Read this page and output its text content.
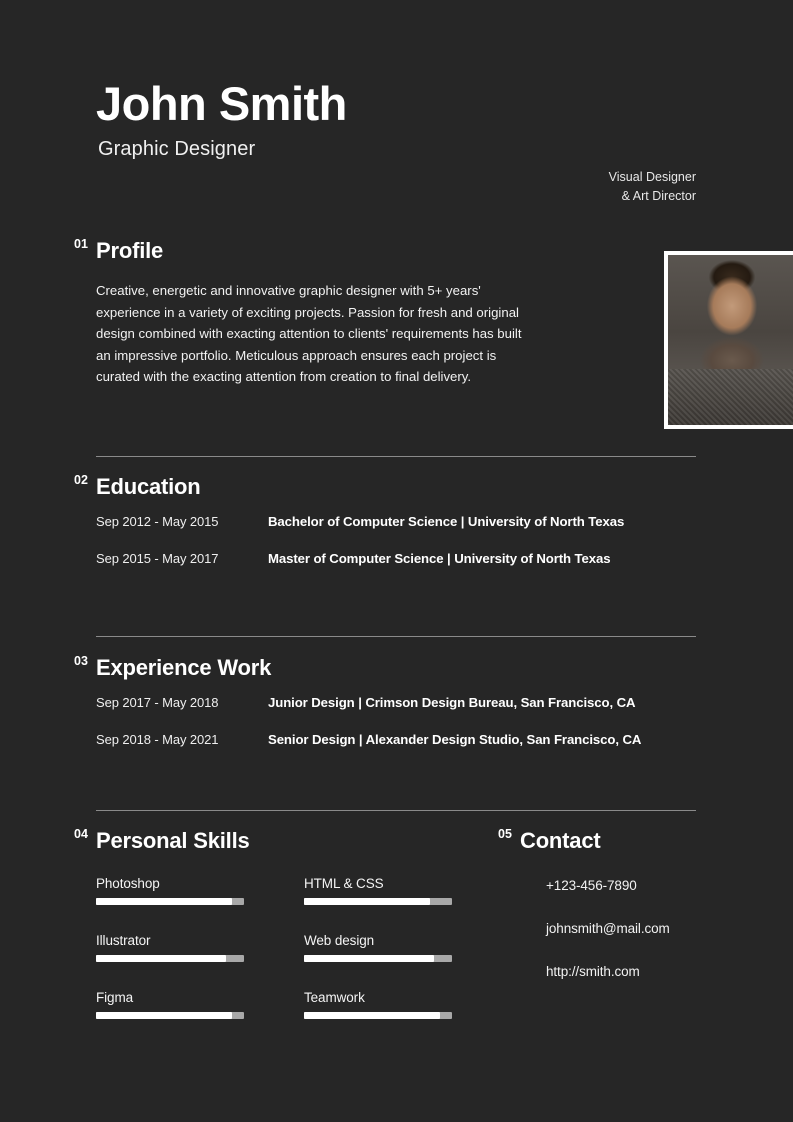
John Smith
Graphic Designer
Visual Designer
& Art Director
01 Profile

Creative, energetic and innovative graphic designer with 5+ years' experience in a variety of exciting projects. Passion for fresh and original design combined with exacting attention to clients' requirements has built an impressive portfolio. Meticulous approach ensures each project is curated with the exacting attention from creation to final delivery.

02 Education
Sep 2012 - May 2015	Bachelor of Computer Science | University of North Texas
Sep 2015 - May 2017	Master of Computer Science | University of North Texas
03 Experience Work
Sep 2017 - May 2018	Junior Design | Crimson Design Bureau, San Francisco, CA
Sep 2018 - May 2021	Senior Design | Alexander Design Studio, San Francisco, CA
04 Personal Skills
Photoshop
Illustrator
Figma
HTML & CSS
Web design
Teamwork
05 Contact
+123-456-7890
johnsmith@mail.com
http://smith.com
